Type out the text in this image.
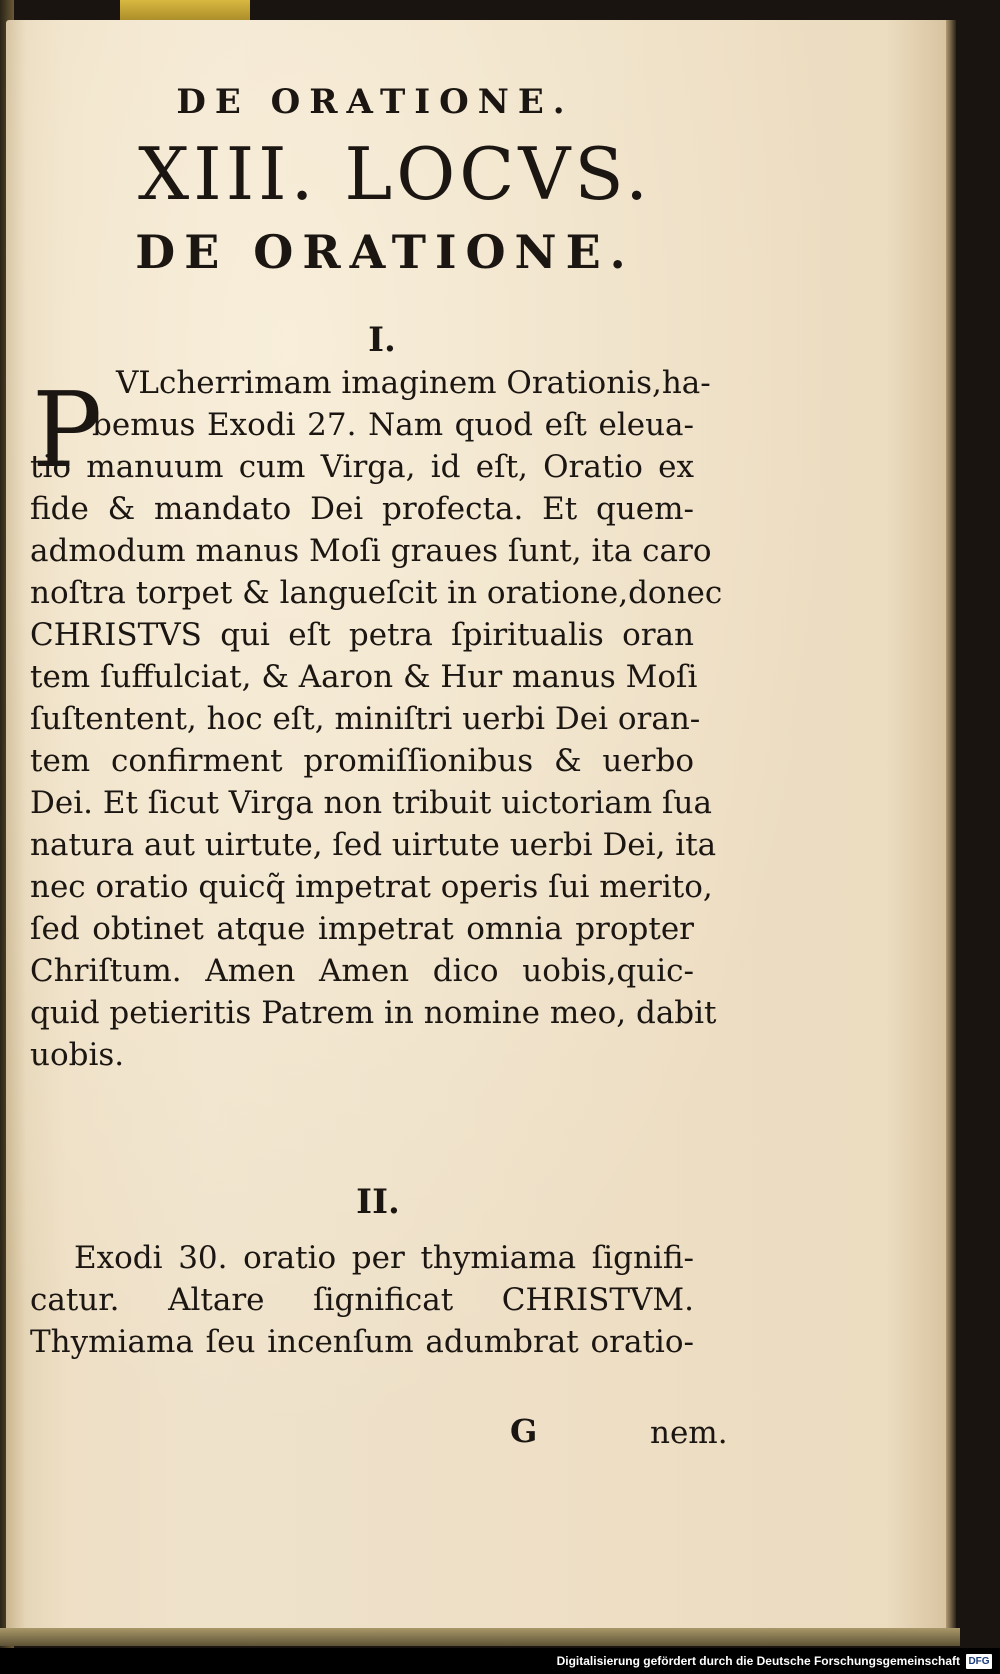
DE ORATIONE.
XIII. LOCVS.
DE ORATIONE.
I.
P VLcherrimam imaginem Orationis,ha-
bemus Exodi 27. Nam quod eſt eleua-
tio manuum cum Virga, id eſt, Oratio ex
fide & mandato Dei profecta. Et quem-
admodum manus Moſi graues ſunt, ita caro
noſtra torpet & langueſcit in oratione,donec
CHRISTVS qui eſt petra ſpiritualis oran
tem ſuffulciat, & Aaron & Hur manus Moſi
ſuſtentent, hoc eſt, miniſtri uerbi Dei oran-
tem confirment promiſſionibus & uerbo
Dei. Et ſicut Virga non tribuit uictoriam ſua
natura aut uirtute, ſed uirtute uerbi Dei, ita
nec oratio quicq̃ impetrat operis ſui merito,
ſed obtinet atque impetrat omnia propter
Chriſtum. Amen Amen dico uobis,quic-
quid petieritis Patrem in nomine meo, dabit
uobis.
II.
Exodi 30. oratio per thymiama ſignifi-
catur. Altare ſignificat CHRISTVM.
Thymiama ſeu incenſum adumbrat oratio-
G	nem.
Digitalisierung gefördert durch die Deutsche Forschungsgemeinschaft DFG
